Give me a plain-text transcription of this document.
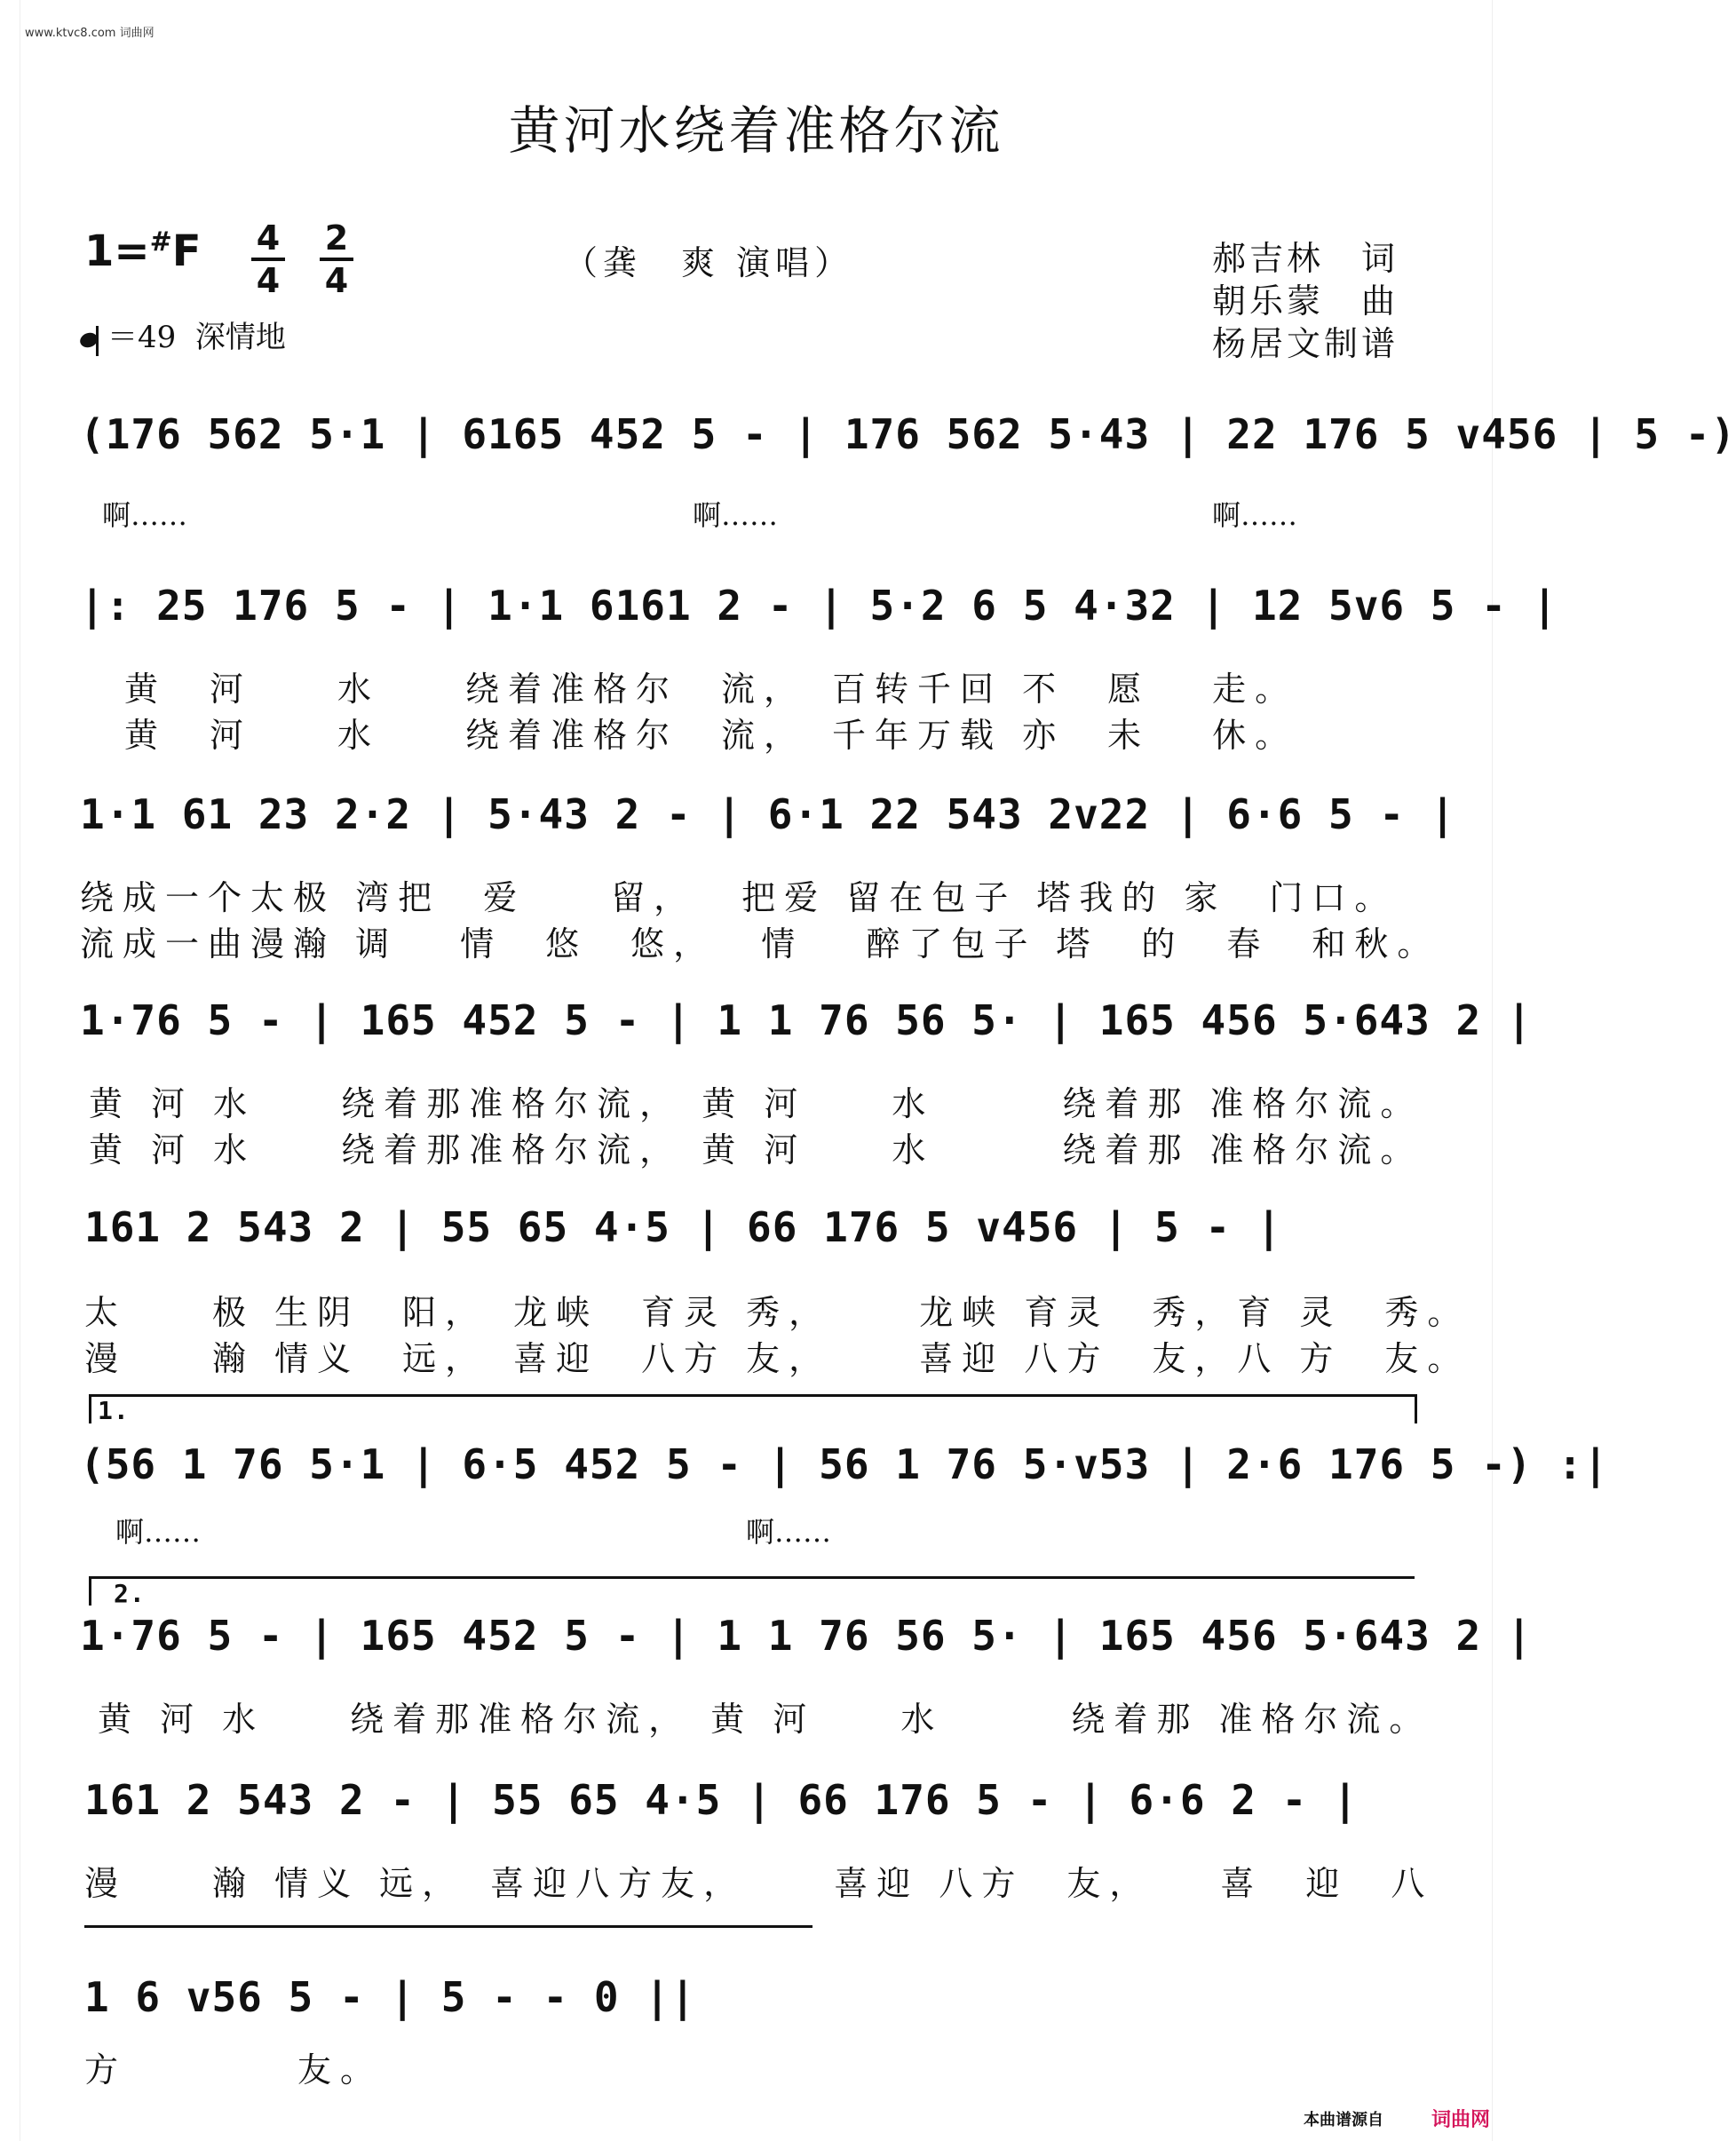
www.ktvc8.com 词曲网
黄河水绕着准格尔流
1=#F 4
4
2
4	（龚　爽 演唱）	郝吉林　词
朝乐蒙　曲
杨居文制谱
＝49 深情地
(176 562 5·1 | 6165 452 5 - | 176 562 5·43 | 22 176 5 v456 | 5 -)
啊……	啊……	啊……
|: 25 176 5 - | 1·1 6161 2 - | 5·2 6 5 4·32 | 12 5v6 5 - |
黄　河　　水　　绕着准格尔　流，　百转千回 不　愿　 走。
黄　河　　水　　绕着准格尔　流，　千年万载 亦　未　 休。
1·1 61 23 2·2 | 5·43 2 - | 6·1 22 543 2v22 | 6·6 5 - |
绕成一个太极 湾把　爱　　留，　 把爱 留在包子 塔我的 家　门口。
流成一曲漫瀚 调　 情　悠　悠，　 情　 醉了包子 塔　的　春　和秋。
1·76 5 - | 165 452 5 - | 1 1 76 56 5· | 165 456 5·643 2 |
黄 河 水　　绕着那准格尔流， 黄 河　　水　　　绕着那 准格尔流。
黄 河 水　　绕着那准格尔流， 黄 河　　水　　　绕着那 准格尔流。
161 2 543 2 | 55 65 4·5 | 66 176 5 v456 | 5 - |
太　　极 生阴　阳，　龙峡　育灵 秀，　　 龙峡 育灵　秀，育 灵　秀。
漫　　瀚 情义　远，　喜迎　八方 友，　　 喜迎 八方　友，八 方　友。
1.
(56 1 76 5·1 | 6·5 452 5 - | 56 1 76 5·v53 | 2·6 176 5 -) :|
啊……	啊……
2.
1·76 5 - | 165 452 5 - | 1 1 76 56 5· | 165 456 5·643 2 |
黄 河 水　　绕着那准格尔流， 黄 河　　水　　　绕着那 准格尔流。
161 2 543 2 - | 55 65 4·5 | 66 176 5 - | 6·6 2 - |
漫　　瀚 情义 远，　喜迎八方友，　　 喜迎 八方　友，　　喜　迎　八
1 6 v56 5 - | 5 - - 0 ||
方　　　　友。
本曲谱源自 词曲网
